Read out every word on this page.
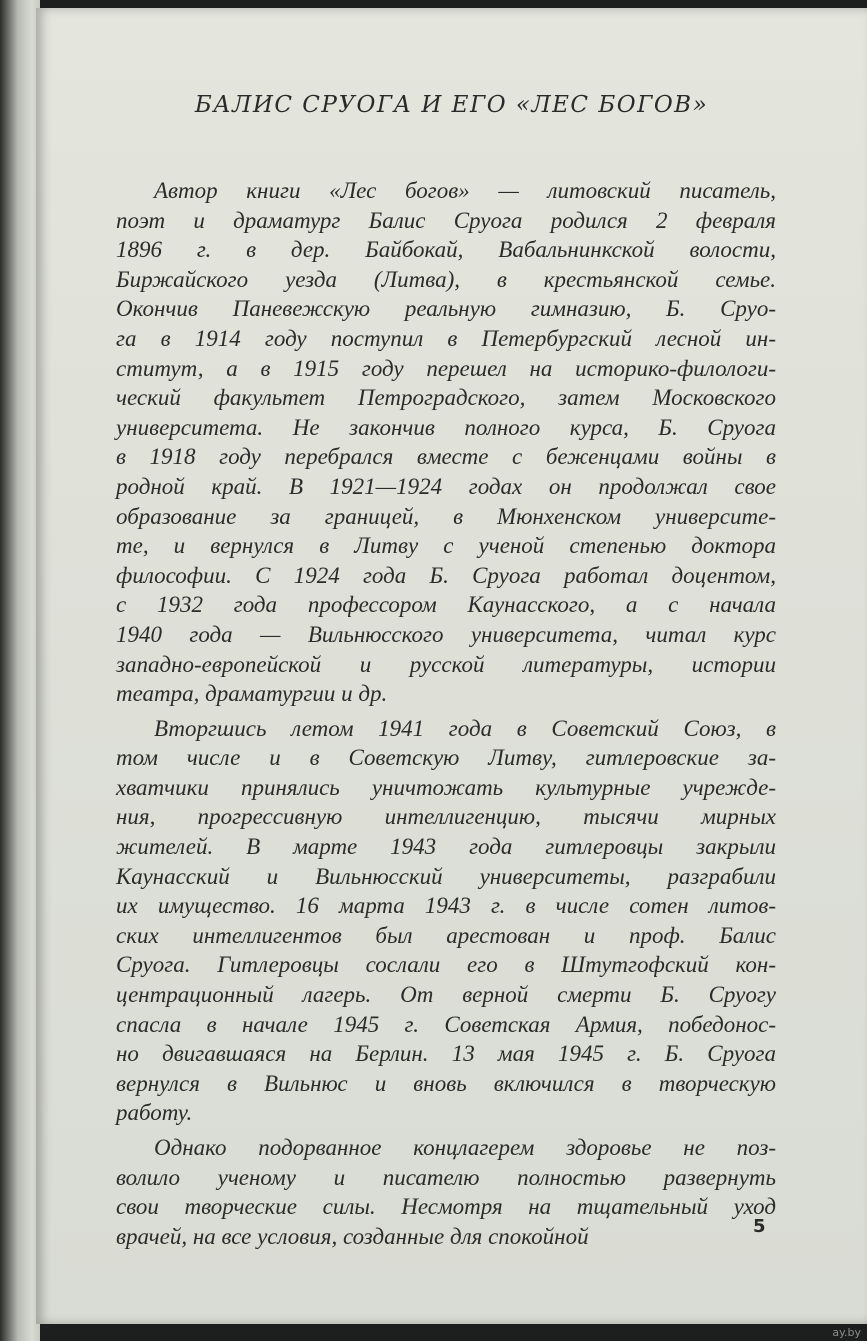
БАЛИС СРУОГА И ЕГО «ЛЕС БОГОВ»
Автор книги «Лес богов» — литовский писатель,
поэт и драматург Балис Сруога родился 2 февраля
1896 г. в дер. Байбокай, Вабальнинкской волости,
Биржайского уезда (Литва), в крестьянской семье.
Окончив Паневежскую реальную гимназию, Б. Сруо-
га в 1914 году поступил в Петербургский лесной ин-
ститут, а в 1915 году перешел на историко-филологи-
ческий факультет Петроградского, затем Московского
университета. Не закончив полного курса, Б. Сруога
в 1918 году перебрался вместе с беженцами войны в
родной край. В 1921—1924 годах он продолжал свое
образование за границей, в Мюнхенском университе-
те, и вернулся в Литву с ученой степенью доктора
философии. С 1924 года Б. Сруога работал доцентом,
с 1932 года профессором Каунасского, а с начала
1940 года — Вильнюсского университета, читал курс
западно-европейской и русской литературы, истории
театра, драматургии и др.
Вторгшись летом 1941 года в Советский Союз, в
том числе и в Советскую Литву, гитлеровские за-
хватчики принялись уничтожать культурные учрежде-
ния, прогрессивную интеллигенцию, тысячи мирных
жителей. В марте 1943 года гитлеровцы закрыли
Каунасский и Вильнюсский университеты, разграбили
их имущество. 16 марта 1943 г. в числе сотен литов-
ских интеллигентов был арестован и проф. Балис
Сруога. Гитлеровцы сослали его в Штутгофский кон-
центрационный лагерь. От верной смерти Б. Сруогу
спасла в начале 1945 г. Советская Армия, победонос-
но двигавшаяся на Берлин. 13 мая 1945 г. Б. Сруога
вернулся в Вильнюс и вновь включился в творческую
работу.
Однако подорванное концлагерем здоровье не поз-
волило ученому и писателю полностью развернуть
свои творческие силы. Несмотря на тщательный уход
врачей, на все условия, созданные для спокойной	5
ay.by
